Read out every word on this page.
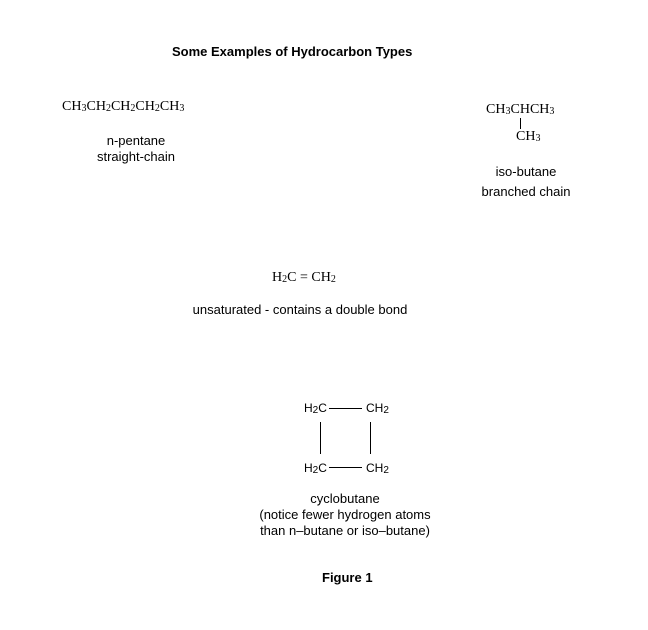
Some Examples of Hydrocarbon Types
CH3CH2CH2CH2CH3
n-pentane
straight-chain
CH3CHCH3
CH3
iso-butane
branched chain
H2C = CH2
unsaturated - contains a double bond
H2C	CH2
H2C	CH2
cyclobutane
(notice fewer hydrogen atoms
than n–butane or iso–butane)
Figure 1
